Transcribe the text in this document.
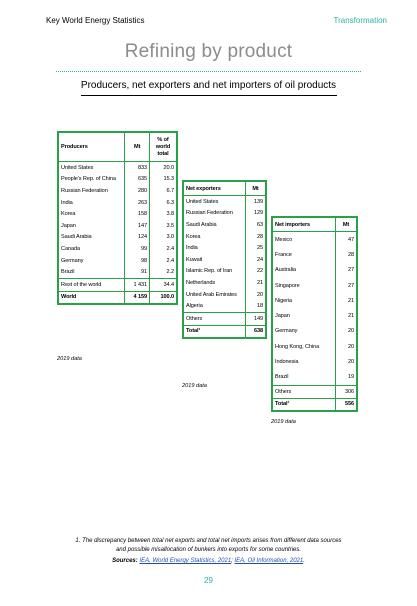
Key World Energy Statistics	Transformation
Refining by product
Producers, net exporters and net importers of oil products
Producers	Mt	% of world total
United States	833	20.0
People's Rep. of China	635	15.3
Russian Federation	280	6.7
India	263	6.3
Korea	158	3.8
Japan	147	3.5
Saudi Arabia	124	3.0
Canada	99	2.4
Germany	98	2.4
Brazil	91	2.2
Rest of the world	1 431	34.4
World	4 159	100.0
2019 data
Net exporters	Mt
United States	139
Russian Federation	129
Saudi Arabia	63
Korea	28
India	25
Kuwait	24
Islamic Rep. of Iran	22
Netherlands	21
United Arab Emirates	20
Algeria	18
Others	149
Total¹	638
2019 data
Net importers	Mt
Mexico	47
France	28
Australia	27
Singapore	27
Nigeria	21
Japan	21
Germany	20
Hong Kong, China	20
Indonesia	20
Brazil	19
Others	306
Total¹	556
2019 data
1. The discrepancy between total net exports and total net imports arises from different data sources
and possible misallocation of bunkers into exports for some countries.
Sources: IEA, World Energy Statistics, 2021; IEA, Oil Information, 2021.
29
